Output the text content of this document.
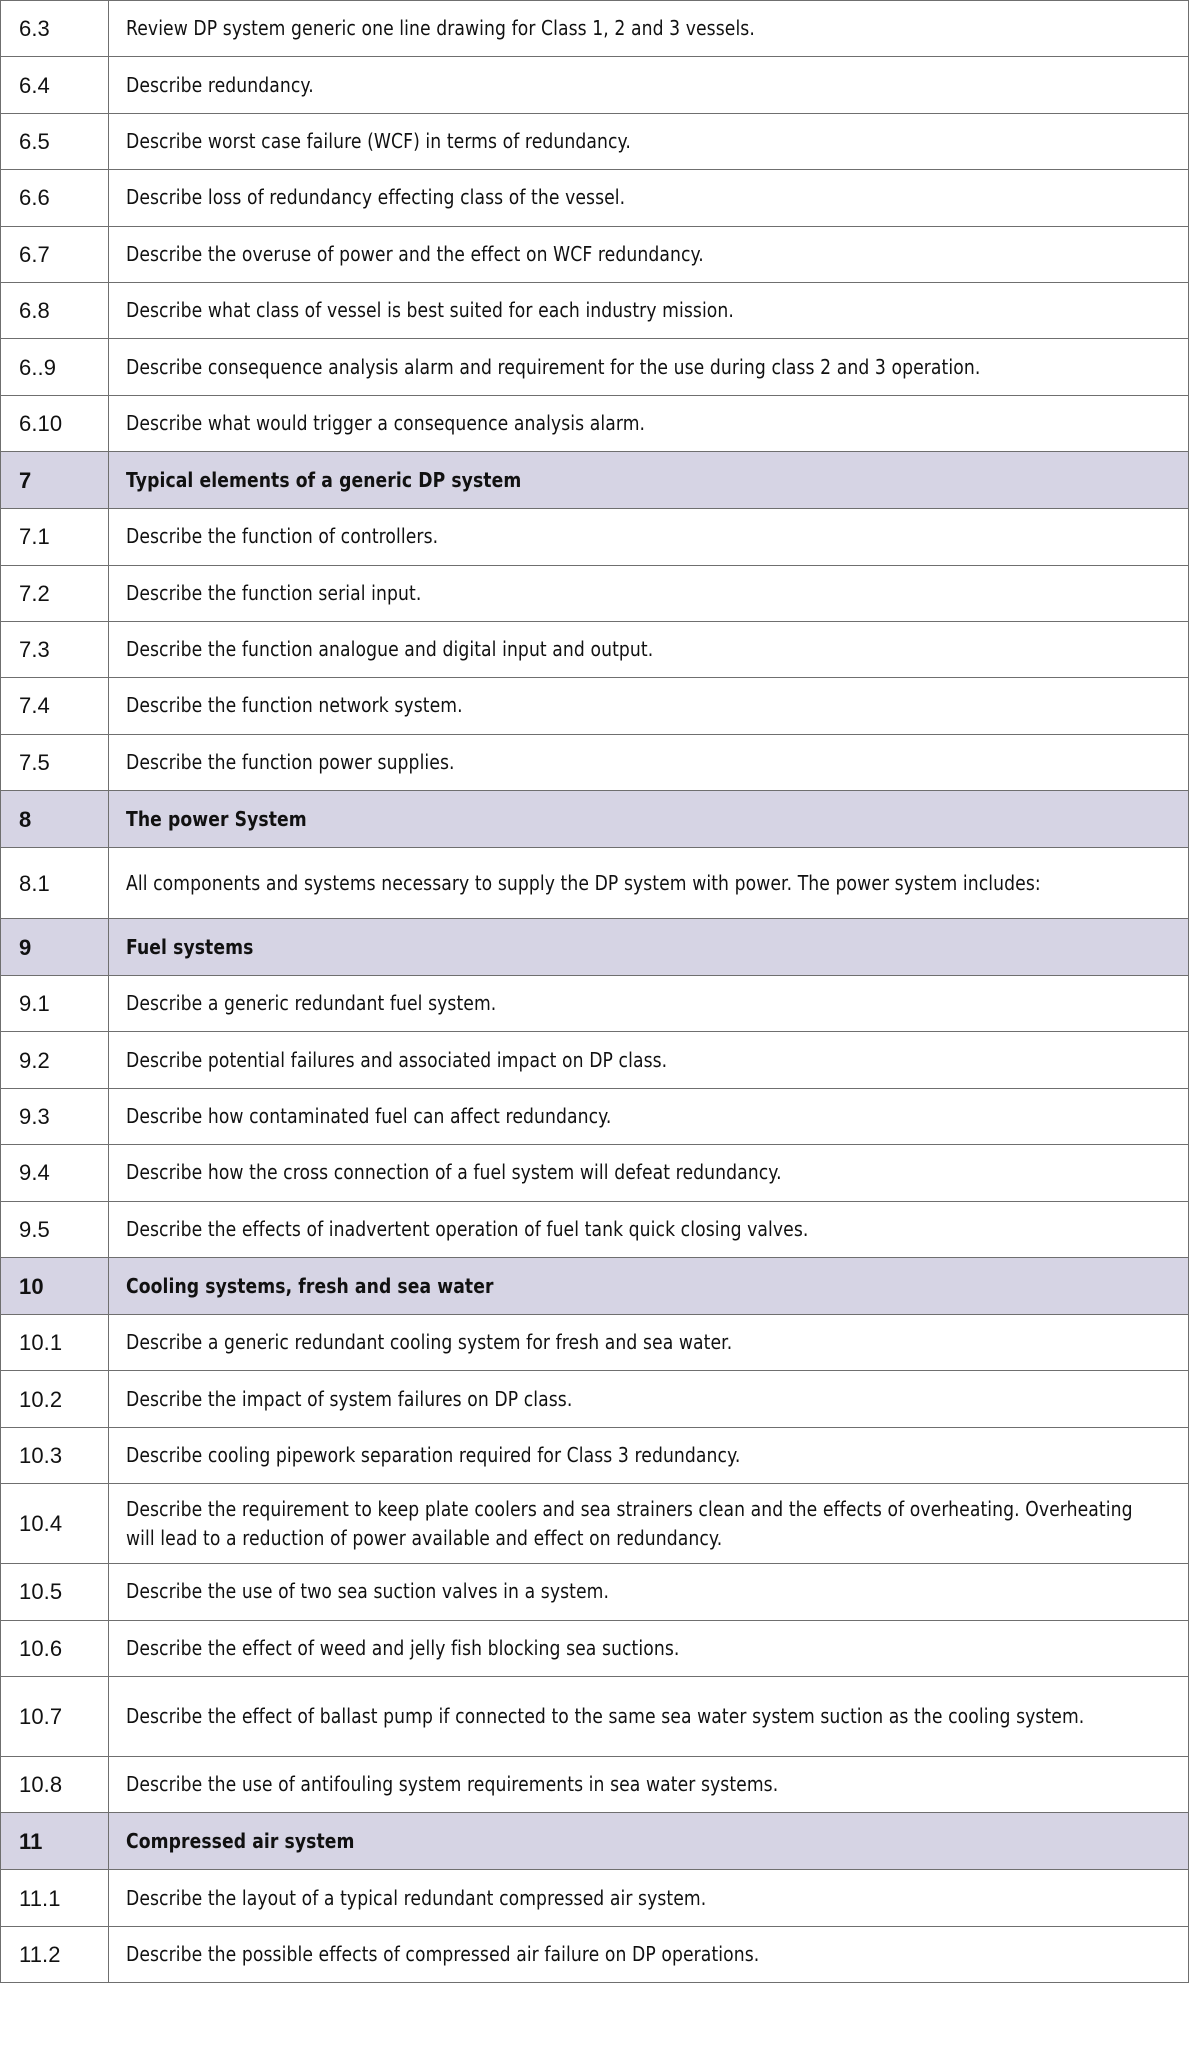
6.3	Review DP system generic one line drawing for Class 1, 2 and 3 vessels.
6.4	Describe redundancy.
6.5	Describe worst case failure (WCF) in terms of redundancy.
6.6	Describe loss of redundancy effecting class of the vessel.
6.7	Describe the overuse of power and the effect on WCF redundancy.
6.8	Describe what class of vessel is best suited for each industry mission.
6..9	Describe consequence analysis alarm and requirement for the use during class 2 and 3 operation.
6.10	Describe what would trigger a consequence analysis alarm.
7	Typical elements of a generic DP system
7.1	Describe the function of controllers.
7.2	Describe the function serial input.
7.3	Describe the function analogue and digital input and output.
7.4	Describe the function network system.
7.5	Describe the function power supplies.
8	The power System
8.1	All components and systems necessary to supply the DP system with power. The power system includes:
9	Fuel systems
9.1	Describe a generic redundant fuel system.
9.2	Describe potential failures and associated impact on DP class.
9.3	Describe how contaminated fuel can affect redundancy.
9.4	Describe how the cross connection of a fuel system will defeat redundancy.
9.5	Describe the effects of inadvertent operation of fuel tank quick closing valves.
10	Cooling systems, fresh and sea water
10.1	Describe a generic redundant cooling system for fresh and sea water.
10.2	Describe the impact of system failures on DP class.
10.3	Describe cooling pipework separation required for Class 3 redundancy.
10.4	Describe the requirement to keep plate coolers and sea strainers clean and the effects of overheating. Overheating will lead to a reduction of power available and effect on redundancy.
10.5	Describe the use of two sea suction valves in a system.
10.6	Describe the effect of weed and jelly fish blocking sea suctions.
10.7	Describe the effect of ballast pump if connected to the same sea water system suction as the cooling system.
10.8	Describe the use of antifouling system requirements in sea water systems.
11	Compressed air system
11.1	Describe the layout of a typical redundant compressed air system.
11.2	Describe the possible effects of compressed air failure on DP operations.
